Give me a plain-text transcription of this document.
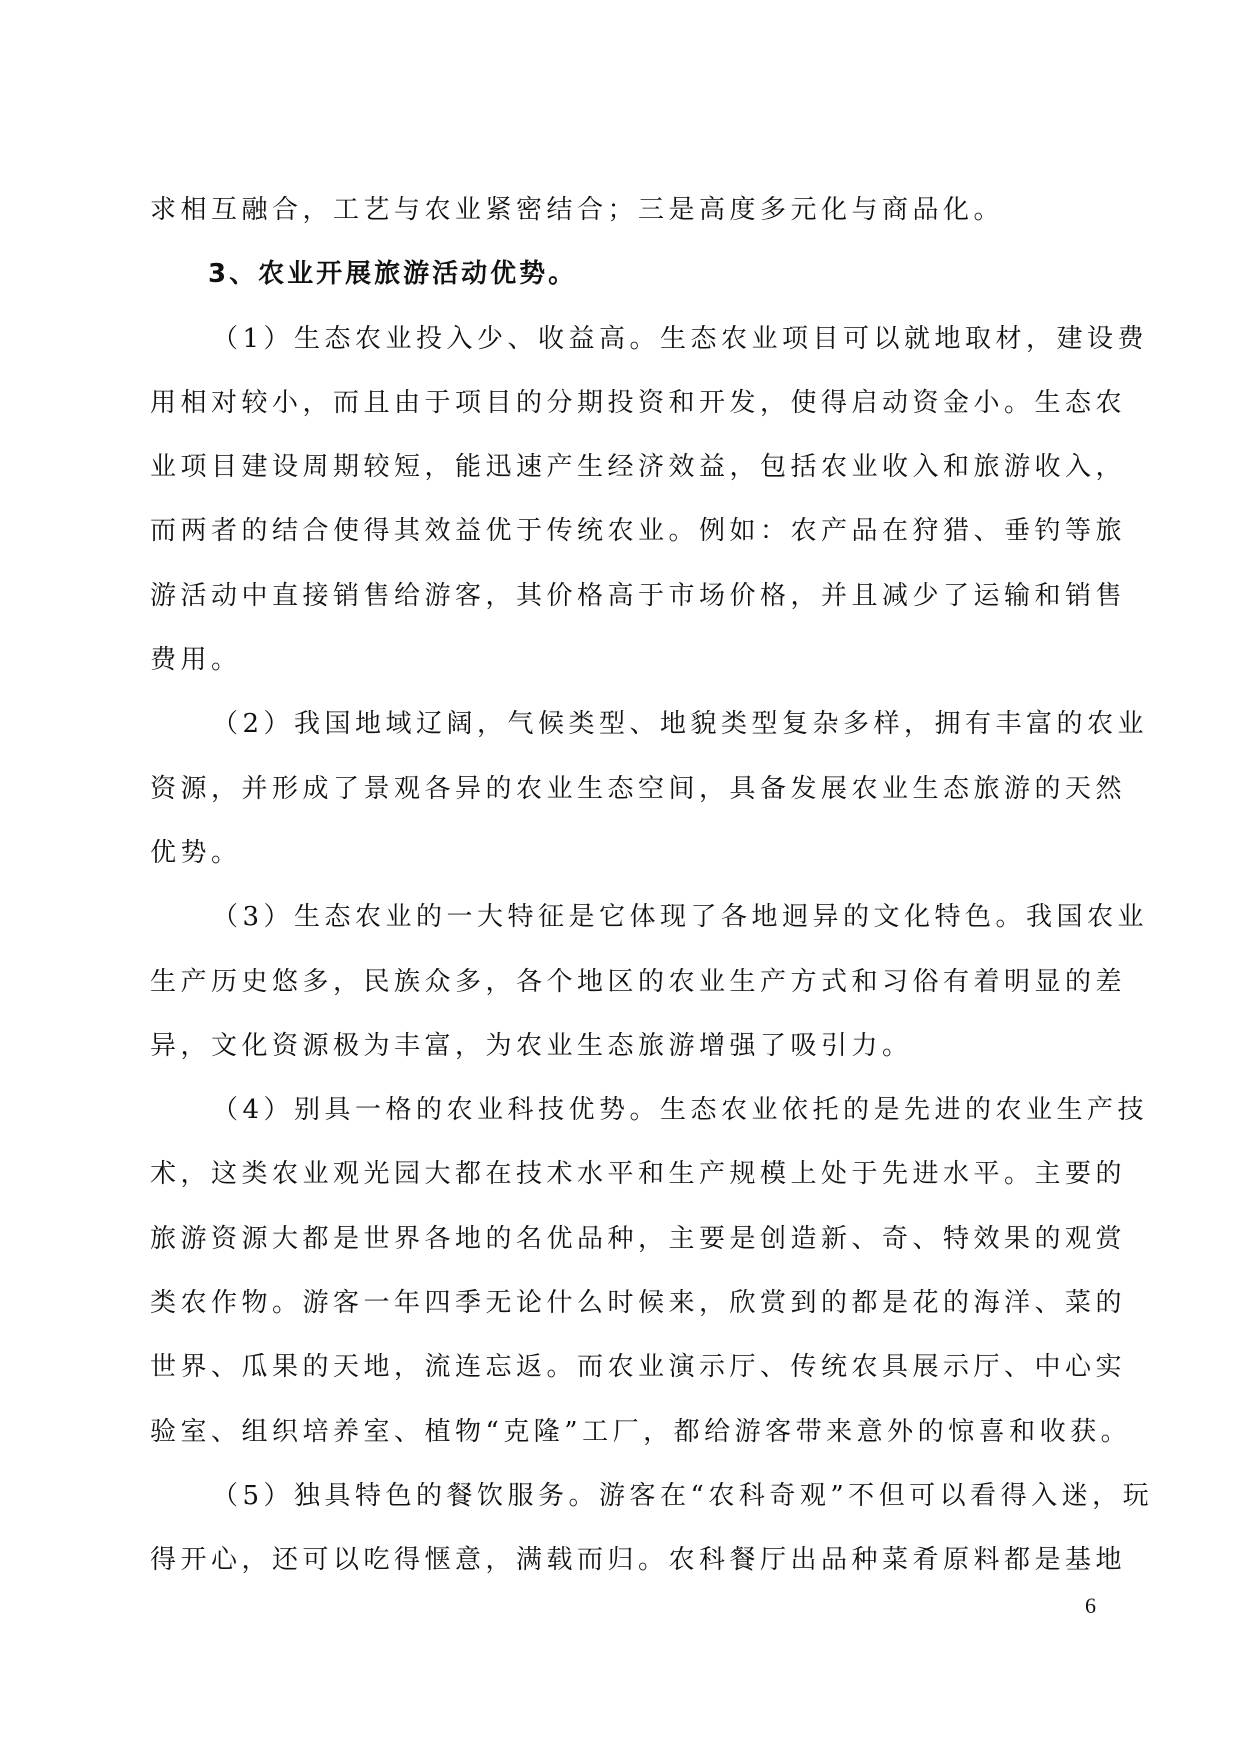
求相互融合，工艺与农业紧密结合；三是高度多元化与商品化。
3、农业开展旅游活动优势。
（1）生态农业投入少、收益高。生态农业项目可以就地取材，建设费
用相对较小，而且由于项目的分期投资和开发，使得启动资金小。生态农
业项目建设周期较短，能迅速产生经济效益，包括农业收入和旅游收入，
而两者的结合使得其效益优于传统农业。例如：农产品在狩猎、垂钓等旅
游活动中直接销售给游客，其价格高于市场价格，并且减少了运输和销售
费用。
（2）我国地域辽阔，气候类型、地貌类型复杂多样，拥有丰富的农业
资源，并形成了景观各异的农业生态空间，具备发展农业生态旅游的天然
优势。
（3）生态农业的一大特征是它体现了各地迥异的文化特色。我国农业
生产历史悠多，民族众多，各个地区的农业生产方式和习俗有着明显的差
异，文化资源极为丰富，为农业生态旅游增强了吸引力。
（4）别具一格的农业科技优势。生态农业依托的是先进的农业生产技
术，这类农业观光园大都在技术水平和生产规模上处于先进水平。主要的
旅游资源大都是世界各地的名优品种，主要是创造新、奇、特效果的观赏
类农作物。游客一年四季无论什么时候来，欣赏到的都是花的海洋、菜的
世界、瓜果的天地，流连忘返。而农业演示厅、传统农具展示厅、中心实
验室、组织培养室、植物“克隆”工厂，都给游客带来意外的惊喜和收获。
（5）独具特色的餐饮服务。游客在“农科奇观”不但可以看得入迷，玩
得开心，还可以吃得惬意，满载而归。农科餐厅出品种菜肴原料都是基地
6
